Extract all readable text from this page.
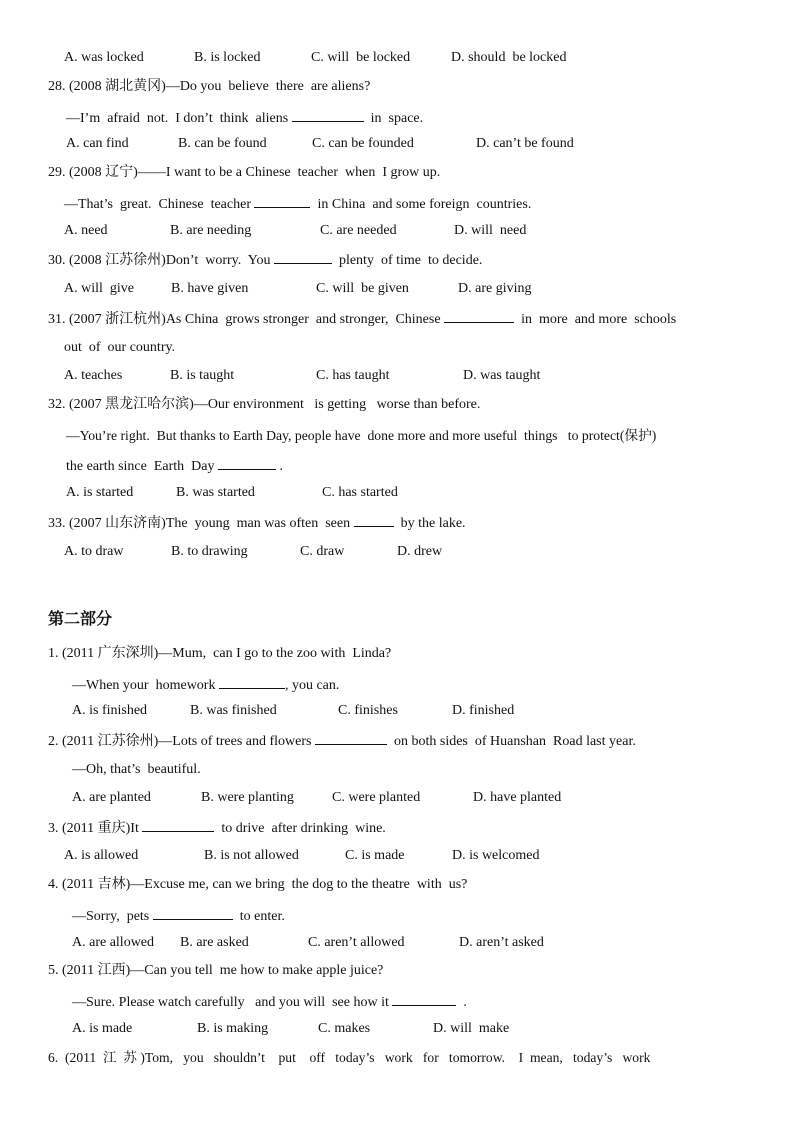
A. was locked	B. is locked	C. will  be locked	D. should  be locked
28. (2008 湖北黄冈)—Do you  believe  there  are aliens?
—I’m  afraid  not.  I don’t  think  aliens	in  space.
A. can find	B. can be found	C. can be founded	D. can’t be found
29. (2008 辽宁)——I want to be a Chinese  teacher  when  I grow up.
—That’s  great.  Chinese  teacher	in China  and some foreign  countries.
A. need	B. are needing	C. are needed	D. will  need
30. (2008 江苏徐州)Don’t  worry.  You	plenty  of time  to decide.
A. will  give	B. have given	C. will  be given	D. are giving
31. (2007 浙江杭州)As China  grows stronger  and stronger,  Chinese	in  more  and more  schools
out  of  our country.
A. teaches	B. is taught	C. has taught	D. was taught
32. (2007 黑龙江哈尔滨)—Our environment   is getting   worse than before.
—You’re right.  But thanks to Earth Day, people have  done more and more useful  things   to protect(保护)
the earth since  Earth  Day	.
A. is started	B. was started	C. has started
33. (2007 山东济南)The  young  man was often  seen	by the lake.
A. to draw	B. to drawing	C. draw	D. drew
第二部分
1. (2011 广东深圳)—Mum,  can I go to the zoo with  Linda?
—When your  homework	, you can.
A. is finished	B. was finished	C. finishes	D. finished
2. (2011 江苏徐州)—Lots of trees and flowers	on both sides  of Huanshan  Road last year.
—Oh, that’s  beautiful.
A. are planted	B. were planting	C. were planted	D. have planted
3. (2011 重庆)It	to drive  after drinking  wine.
A. is allowed	B. is not allowed	C. is made	D. is welcomed
4. (2011 吉林)—Excuse me, can we bring  the dog to the theatre  with  us?
—Sorry,  pets	to enter.
A. are allowed B. are asked	C. aren’t allowed	D. aren’t asked
5. (2011 江西)—Can you tell  me how to make apple juice?
—Sure. Please watch carefully   and you will  see how it	.
A. is made	B. is making	C. makes	D. will  make
6.  (2011  江  苏 )Tom,   you   shouldn’t    put    off   today’s   work   for   tomorrow.    I  mean,   today’s   work
